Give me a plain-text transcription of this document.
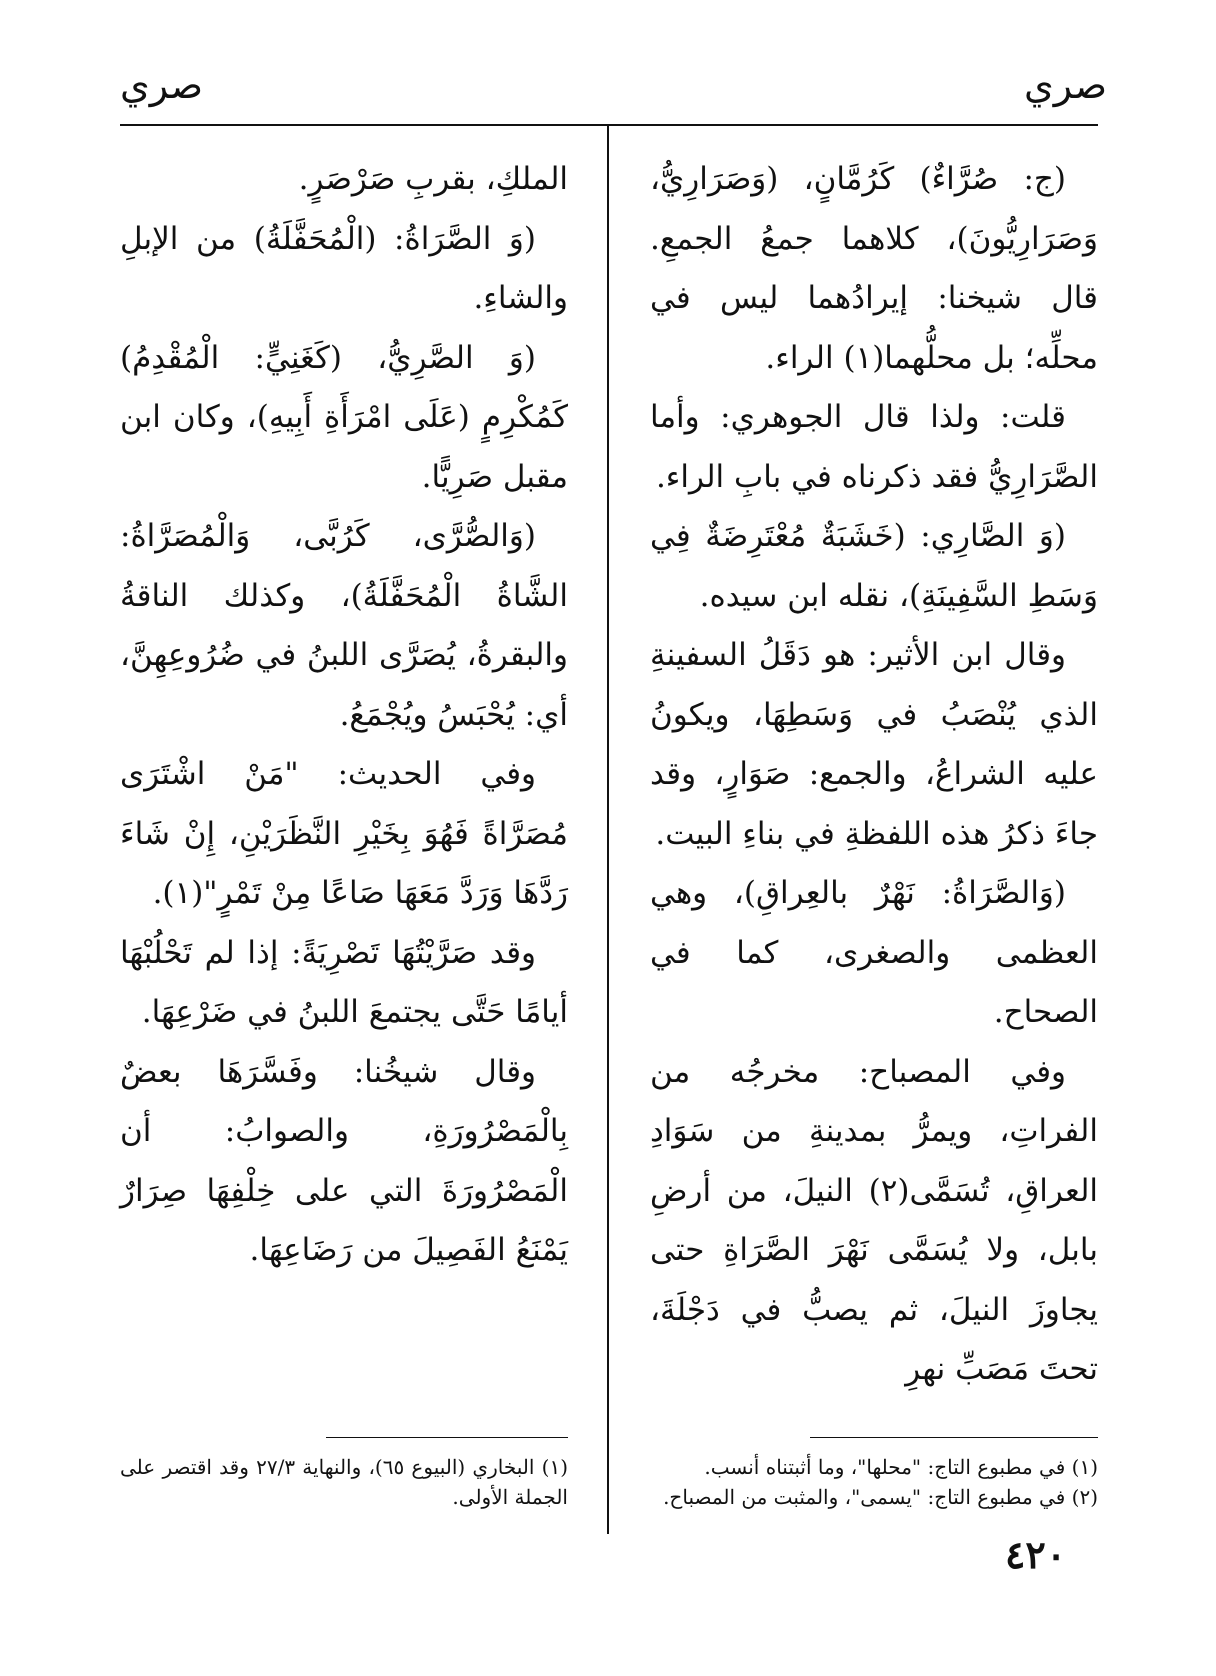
صري
صري

(ج: صُرَّاءٌ) كَرُمَّانٍ، (وَصَرَارِيُّ، وَصَرَارِيُّونَ)، كلاهما جمعُ الجمعِ. قال شيخنا: إيرادُهما ليس في محلِّه؛ بل محلُّهما(١) الراء.

قلت: ولذا قال الجوهري: وأما الصَّرَارِيُّ فقد ذكرناه في بابِ الراء.

(وَ الصَّارِي: (خَشَبَةٌ مُعْتَرِضَةٌ فِي وَسَطِ السَّفِينَةِ)، نقله ابن سيده.

وقال ابن الأثير: هو دَقَلُ السفينةِ الذي يُنْصَبُ في وَسَطِهَا، ويكونُ عليه الشراعُ، والجمع: صَوَارٍ، وقد جاءَ ذكرُ هذه اللفظةِ في بناءِ البيت.

(وَالصَّرَاةُ: نَهْرٌ بالعِراقِ)، وهي العظمى والصغرى، كما في الصحاح.

وفي المصباح: مخرجُه من الفراتِ، ويمرُّ بمدينةِ من سَوَادِ العراقِ، تُسَمَّى(٢) النيلَ، من أرضِ بابل، ولا يُسَمَّى نَهْرَ الصَّرَاةِ حتى يجاوزَ النيلَ، ثم يصبُّ في دَجْلَةَ، تحتَ مَصَبِّ نهرِ

الملكِ، بقربِ صَرْصَرٍ.

(وَ الصَّرَاةُ: (الْمُحَفَّلَةُ) من الإبلِ والشاءِ.

(وَ الصَّرِيُّ، (كَغَنِيٍّ: الْمُقْدِمُ) كَمُكْرِمٍ (عَلَى امْرَأَةِ أَبِيهِ)، وكان ابن مقبل صَرِيًّا.

(وَالصُّرَّى، كَرُبَّى، وَالْمُصَرَّاةُ: الشَّاةُ الْمُحَفَّلَةُ)، وكذلك الناقةُ والبقرةُ، يُصَرَّى اللبنُ في ضُرُوعِهِنَّ، أي: يُحْبَسُ ويُجْمَعُ.

وفي الحديث: "مَنْ اشْتَرَى مُصَرَّاةً فَهُوَ بِخَيْرِ النَّظَرَيْنِ، إِنْ شَاءَ رَدَّهَا وَرَدَّ مَعَهَا صَاعًا مِنْ تَمْرٍ"(١).

وقد صَرَّيْتُهَا تَصْرِيَةً: إذا لم تَحْلُبْهَا أيامًا حَتَّى يجتمعَ اللبنُ في ضَرْعِهَا.

وقال شيخُنا: وفَسَّرَهَا بعضٌ بِالْمَصْرُورَةِ، والصوابُ: أن الْمَصْرُورَةَ التي على خِلْفِهَا صِرَارٌ يَمْنَعُ الفَصِيلَ من رَضَاعِهَا.

(١) في مطبوع التاج: "محلها"، وما أثبتناه أنسب.

(٢) في مطبوع التاج: "يسمى"، والمثبت من المصباح.

(١) البخاري (البيوع ٦٥)، والنهاية ٢٧/٣ وقد اقتصر على الجملة الأولى.

٤٢٠
